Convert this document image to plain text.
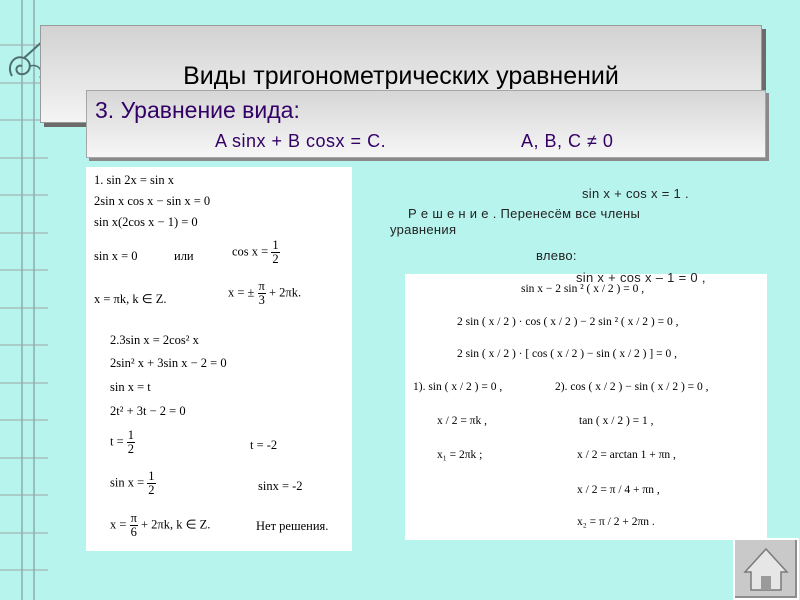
Виды тригонометрических уравнений
3. Уравнение вида:
A sinx + B cosx = C.	A, B, C ≠ 0
1. sin 2x = sin x
2sin x cos x − sin x = 0
sin x(2cos x − 1) = 0
sin x = 0	или	$\cos x = \frac{1}{2}$
x = πk, k ∈ Z.	x = ± $\frac{\pi}{3} + 2\pi k$.
2.3sin x = 2cos² x
2sin² x + 3sin x − 2 = 0
sin x = t
2t² + 3t − 2 = 0
$t = \frac{1}{2}$	t = -2
$\sin x = \frac{1}{2}$	sinx = -2
$x = \frac{\pi}{6} + 2\pi k$, k ∈ Z.	Нет решения.
sin x + cos x = 1 .
Р е ш е н и е . Перенесём все члены
уравнения
влево:
sin x − 2 sin ² ( x / 2 ) = 0 ,
2 sin ( x / 2 ) · cos ( x / 2 ) − 2 sin ² ( x / 2 ) = 0 ,
2 sin ( x / 2 ) · [ cos ( x / 2 ) − sin ( x / 2 ) ] = 0 ,
1). sin ( x / 2 ) = 0 ,	2). cos ( x / 2 ) − sin ( x / 2 ) = 0 ,
x / 2 = πk ,	tan ( x / 2 ) = 1 ,
x₁ = 2πk ;	x / 2 = arctan 1 + πn ,
x / 2 = π / 4 + πn ,
x₂ = π / 2 + 2πn .
sin x + cos x – 1 = 0 ,
